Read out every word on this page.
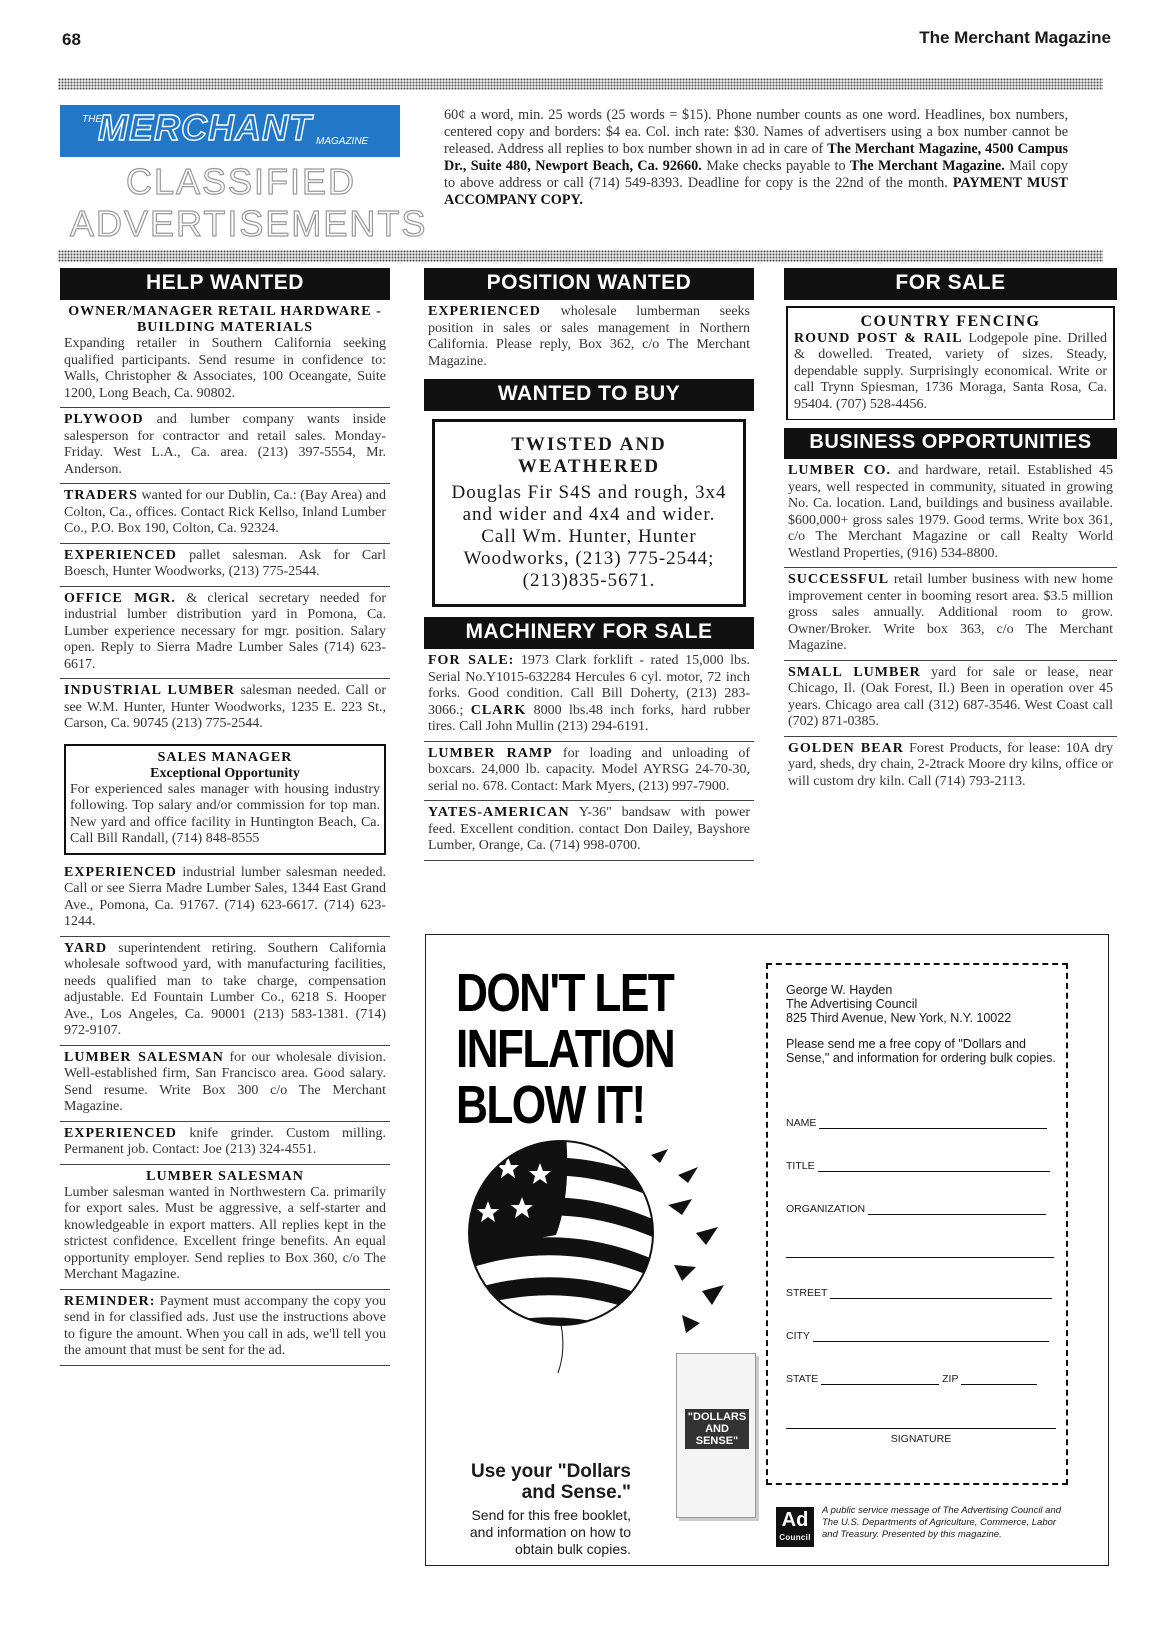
68	The Merchant Magazine
THE
MERCHANT MAGAZINE
CLASSIFIED
ADVERTISEMENTS
60¢ a word, min. 25 words (25 words = $15). Phone number counts as one word. Headlines, box numbers, centered copy and borders: $4 ea. Col. inch rate: $30. Names of advertisers using a box number cannot be released. Address all replies to box number shown in ad in care of The Merchant Magazine, 4500 Campus Dr., Suite 480, Newport Beach, Ca. 92660. Make checks payable to The Merchant Magazine. Mail copy to above address or call (714) 549-8393. Deadline for copy is the 22nd of the month. PAYMENT MUST ACCOMPANY COPY.
HELP WANTED
OWNER/MANAGER RETAIL HARDWARE - BUILDING MATERIALS
Expanding retailer in Southern California seeking qualified participants. Send resume in confidence to: Walls, Christopher & Associates, 100 Oceangate, Suite 1200, Long Beach, Ca. 90802.
PLYWOOD and lumber company wants inside salesperson for contractor and retail sales. Monday-Friday. West L.A., Ca. area. (213) 397-5554, Mr. Anderson.
TRADERS wanted for our Dublin, Ca.: (Bay Area) and Colton, Ca., offices. Contact Rick Kellso, Inland Lumber Co., P.O. Box 190, Colton, Ca. 92324.
EXPERIENCED pallet salesman. Ask for Carl Boesch, Hunter Woodworks, (213) 775-2544.
OFFICE MGR. & clerical secretary needed for industrial lumber distribution yard in Pomona, Ca. Lumber experience necessary for mgr. position. Salary open. Reply to Sierra Madre Lumber Sales (714) 623-6617.
INDUSTRIAL LUMBER salesman needed. Call or see W.M. Hunter, Hunter Woodworks, 1235 E. 223 St., Carson, Ca. 90745 (213) 775-2544.
SALES MANAGER
Exceptional Opportunity
For experienced sales manager with housing industry following. Top salary and/or commission for top man. New yard and office facility in Huntington Beach, Ca. Call Bill Randall, (714) 848-8555
EXPERIENCED industrial lumber salesman needed. Call or see Sierra Madre Lumber Sales, 1344 East Grand Ave., Pomona, Ca. 91767. (714) 623-6617. (714) 623-1244.
YARD superintendent retiring. Southern California wholesale softwood yard, with manufacturing facilities, needs qualified man to take charge, compensation adjustable. Ed Fountain Lumber Co., 6218 S. Hooper Ave., Los Angeles, Ca. 90001 (213) 583-1381. (714) 972-9107.
LUMBER SALESMAN for our wholesale division. Well-established firm, San Francisco area. Good salary. Send resume. Write Box 300 c/o The Merchant Magazine.
EXPERIENCED knife grinder. Custom milling. Permanent job. Contact: Joe (213) 324-4551.
LUMBER SALESMAN
Lumber salesman wanted in Northwestern Ca. primarily for export sales. Must be aggressive, a self-starter and knowledgeable in export matters. All replies kept in the strictest confidence. Excellent fringe benefits. An equal opportunity employer. Send replies to Box 360, c/o The Merchant Magazine.
REMINDER: Payment must accompany the copy you send in for classified ads. Just use the instructions above to figure the amount. When you call in ads, we'll tell you the amount that must be sent for the ad.
POSITION WANTED
EXPERIENCED wholesale lumberman seeks position in sales or sales management in Northern California. Please reply, Box 362, c/o The Merchant Magazine.
WANTED TO BUY
TWISTED AND WEATHERED
Douglas Fir S4S and rough, 3x4 and wider and 4x4 and wider. Call Wm. Hunter, Hunter Woodworks, (213) 775-2544; (213)835-5671.
MACHINERY FOR SALE
FOR SALE: 1973 Clark forklift - rated 15,000 lbs. Serial No.Y1015-632284 Hercules 6 cyl. motor, 72 inch forks. Good condition. Call Bill Doherty, (213) 283-3066.; CLARK 8000 lbs.48 inch forks, hard rubber tires. Call John Mullin (213) 294-6191.
LUMBER RAMP for loading and unloading of boxcars. 24,000 lb. capacity. Model AYRSG 24-70-30, serial no. 678. Contact: Mark Myers, (213) 997-7900.
YATES-AMERICAN Y-36" bandsaw with power feed. Excellent condition. contact Don Dailey, Bayshore Lumber, Orange, Ca. (714) 998-0700.
FOR SALE
COUNTRY FENCING
ROUND POST & RAIL Lodgepole pine. Drilled & dowelled. Treated, variety of sizes. Steady, dependable supply. Surprisingly economical. Write or call Trynn Spiesman, 1736 Moraga, Santa Rosa, Ca. 95404. (707) 528-4456.
BUSINESS OPPORTUNITIES
LUMBER CO. and hardware, retail. Established 45 years, well respected in community, situated in growing No. Ca. location. Land, buildings and business available. $600,000+ gross sales 1979. Good terms. Write box 361, c/o The Merchant Magazine or call Realty World Westland Properties, (916) 534-8800.
SUCCESSFUL retail lumber business with new home improvement center in booming resort area. $3.5 million gross sales annually. Additional room to grow. Owner/Broker. Write box 363, c/o The Merchant Magazine.
SMALL LUMBER yard for sale or lease, near Chicago, Il. (Oak Forest, Il.) Been in operation over 45 years. Chicago area call (312) 687-3546. West Coast call (702) 871-0385.
GOLDEN BEAR Forest Products, for lease: 10A dry yard, sheds, dry chain, 2-2track Moore dry kilns, office or will custom dry kiln. Call (714) 793-2113.
DON'T LET INFLATION BLOW IT!
"DOLLARS AND SENSE"
Use your "Dollars and Sense."
Send for this free booklet, and information on how to obtain bulk copies.
George W. Hayden
The Advertising Council
825 Third Avenue, New York, N.Y. 10022
Please send me a free copy of "Dollars and Sense," and information for ordering bulk copies.
NAME
TITLE
ORGANIZATION
STREET
CITY
STATE	ZIP
SIGNATURE
Ad
Council
A public service message of The Advertising Council and The U.S. Departments of Agriculture, Commerce, Labor and Treasury. Presented by this magazine.
